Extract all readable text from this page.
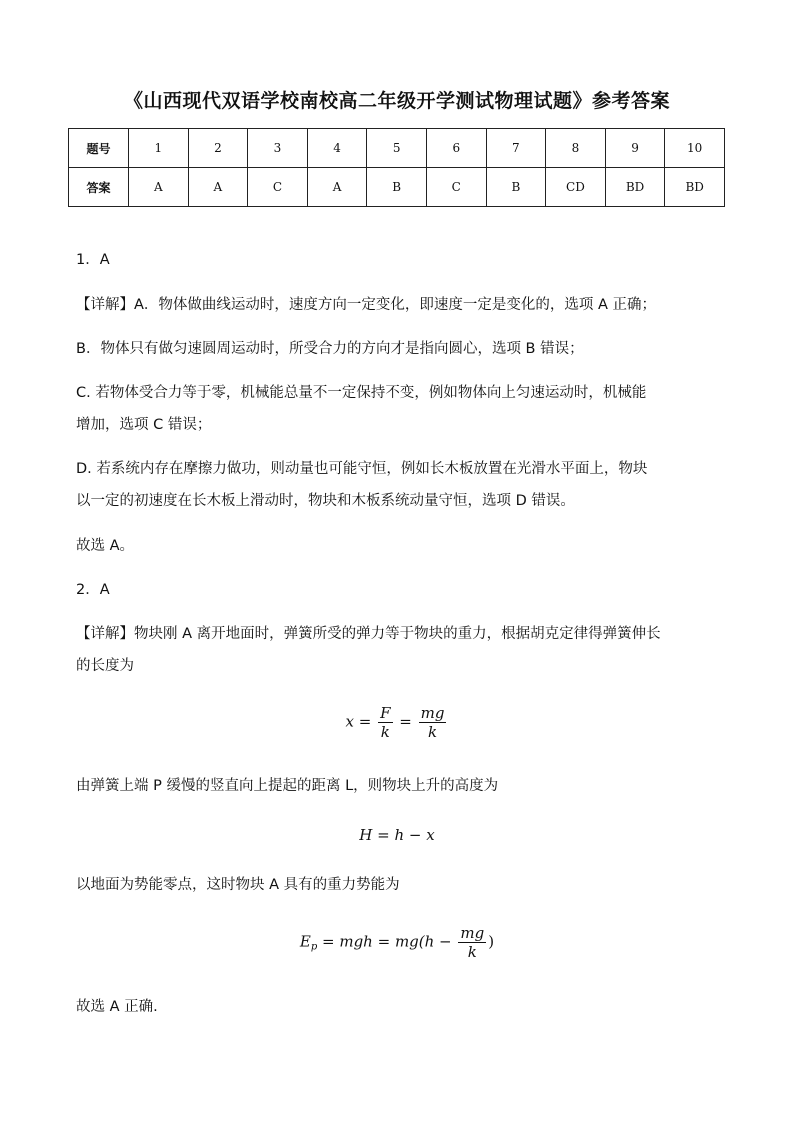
《山西现代双语学校南校高二年级开学测试物理试题》参考答案
题号	1	2	3	4	5	6	7	8	9	10
答案	A	A	C	A	B	C	B	CD	BD	BD

1．A

【详解】A．物体做曲线运动时，速度方向一定变化，即速度一定是变化的，选项 A 正确；

B．物体只有做匀速圆周运动时，所受合力的方向才是指向圆心，选项 B 错误；

C. 若物体受合力等于零，机械能总量不一定保持不变，例如物体向上匀速运动时，机械能

增加，选项 C 错误；

D. 若系统内存在摩擦力做功，则动量也可能守恒，例如长木板放置在光滑水平面上，物块

以一定的初速度在长木板上滑动时，物块和木板系统动量守恒，选项 D 错误。

故选 A。

2．A

【详解】物块刚 A 离开地面时，弹簧所受的弹力等于物块的重力，根据胡克定律得弹簧伸长

的长度为

$x = \frac{F}{k} = \frac{mg}{k}$

由弹簧上端 P 缓慢的竖直向上提起的距离 L，则物块上升的高度为

H = h − x

以地面为势能零点，这时物块 A 具有的重力势能为

$E_p$ = mgh = $mg(h - \frac{mg}{k}$ )

故选 A 正确.
